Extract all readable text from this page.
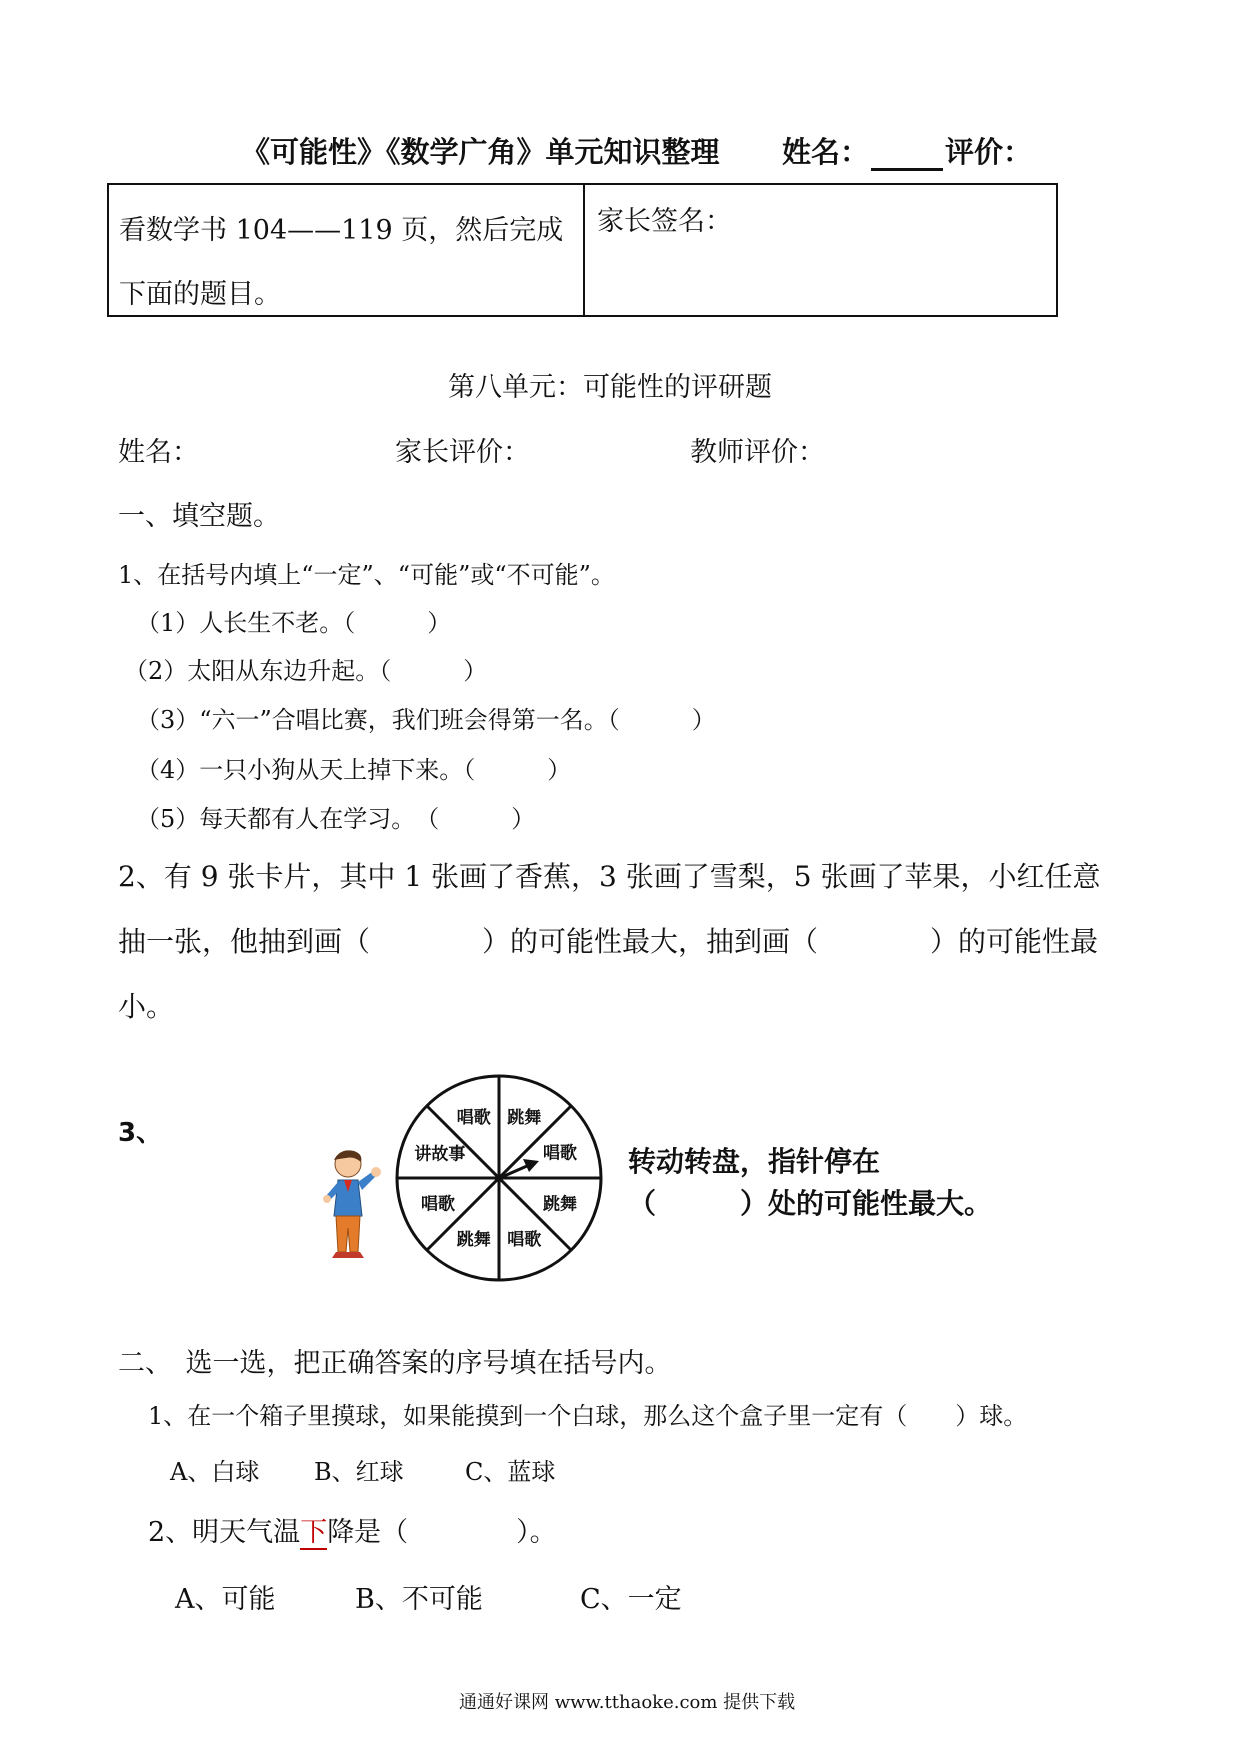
《可能性》《数学广角》单元知识整理 姓名：	评价：
看数学书 104——119 页，然后完成下面的题目。
家长签名：
第八单元：可能性的评研题
姓名：	家长评价：	教师评价：
一、填空题。
1、在括号内填上“一定”、“可能”或“不可能”。
（1）人长生不老。（　　　）
（2）太阳从东边升起。（　　　）
（3）“六一”合唱比赛，我们班会得第一名。（　　　）
（4）一只小狗从天上掉下来。（　　　）
（5）每天都有人在学习。　（　　　）
2、有 9 张卡片，其中 1 张画了香蕉，3 张画了雪梨，5 张画了苹果，小红任意
抽一张，他抽到画（　　　　）的可能性最大，抽到画（　　　　）的可能性最
小。
3、	唱歌 跳舞
唱歌
跳舞
唱歌
跳舞
唱歌
讲故事	转动转盘，指针停在
（　　　）处的可能性最大。
二、　选一选，把正确答案的序号填在括号内。
1、在一个箱子里摸球，如果能摸到一个白球，那么这个盒子里一定有（　　）球。
A、白球 B、红球	C、蓝球
2、明天气温下降是（　　　　）。
A、可能	B、不可能	C、一定
通通好课网 www.tthaoke.com 提供下载
